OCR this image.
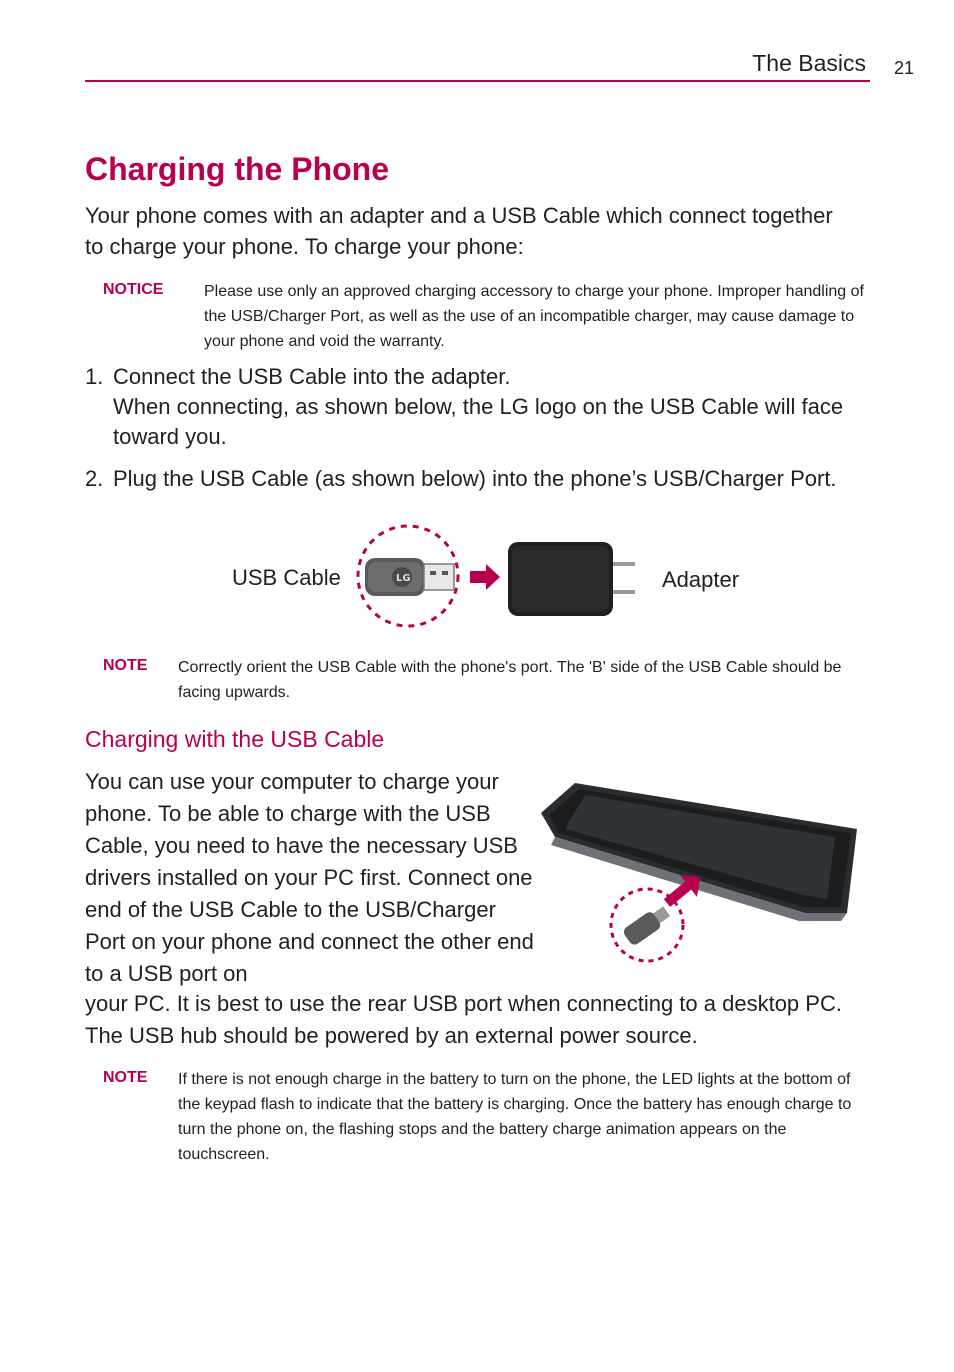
The Basics 21
Charging the Phone

Your phone comes with an adapter and a USB Cable which connect together to charge your phone. To charge your phone:

NOTICE	Please use only an approved charging accessory to charge your phone. Improper handling of the USB/Charger Port, as well as the use of an incompatible charger, may cause damage to your phone and void the warranty.

1. Connect the USB Cable into the adapter.

When connecting, as shown below, the LG logo on the USB Cable will face toward you.

2. Plug the USB Cable (as shown below) into the phone’s USB/Charger Port.

USB Cable	Adapter
LG
NOTE Correctly orient the USB Cable with the phone's port. The 'B' side of the USB Cable should be facing upwards.

Charging with the USB Cable

You can use your computer to charge your phone. To be able to charge with the USB Cable, you need to have the necessary USB drivers installed on your PC first. Connect one end of the USB Cable to the USB/Charger Port on your phone and connect the other end to a USB port on

your PC. It is best to use the rear USB port when connecting to a desktop PC. The USB hub should be powered by an external power source.

NOTE If there is not enough charge in the battery to turn on the phone, the LED lights at the bottom of the keypad flash to indicate that the battery is charging. Once the battery has enough charge to turn the phone on, the flashing stops and the battery charge animation appears on the touchscreen.
